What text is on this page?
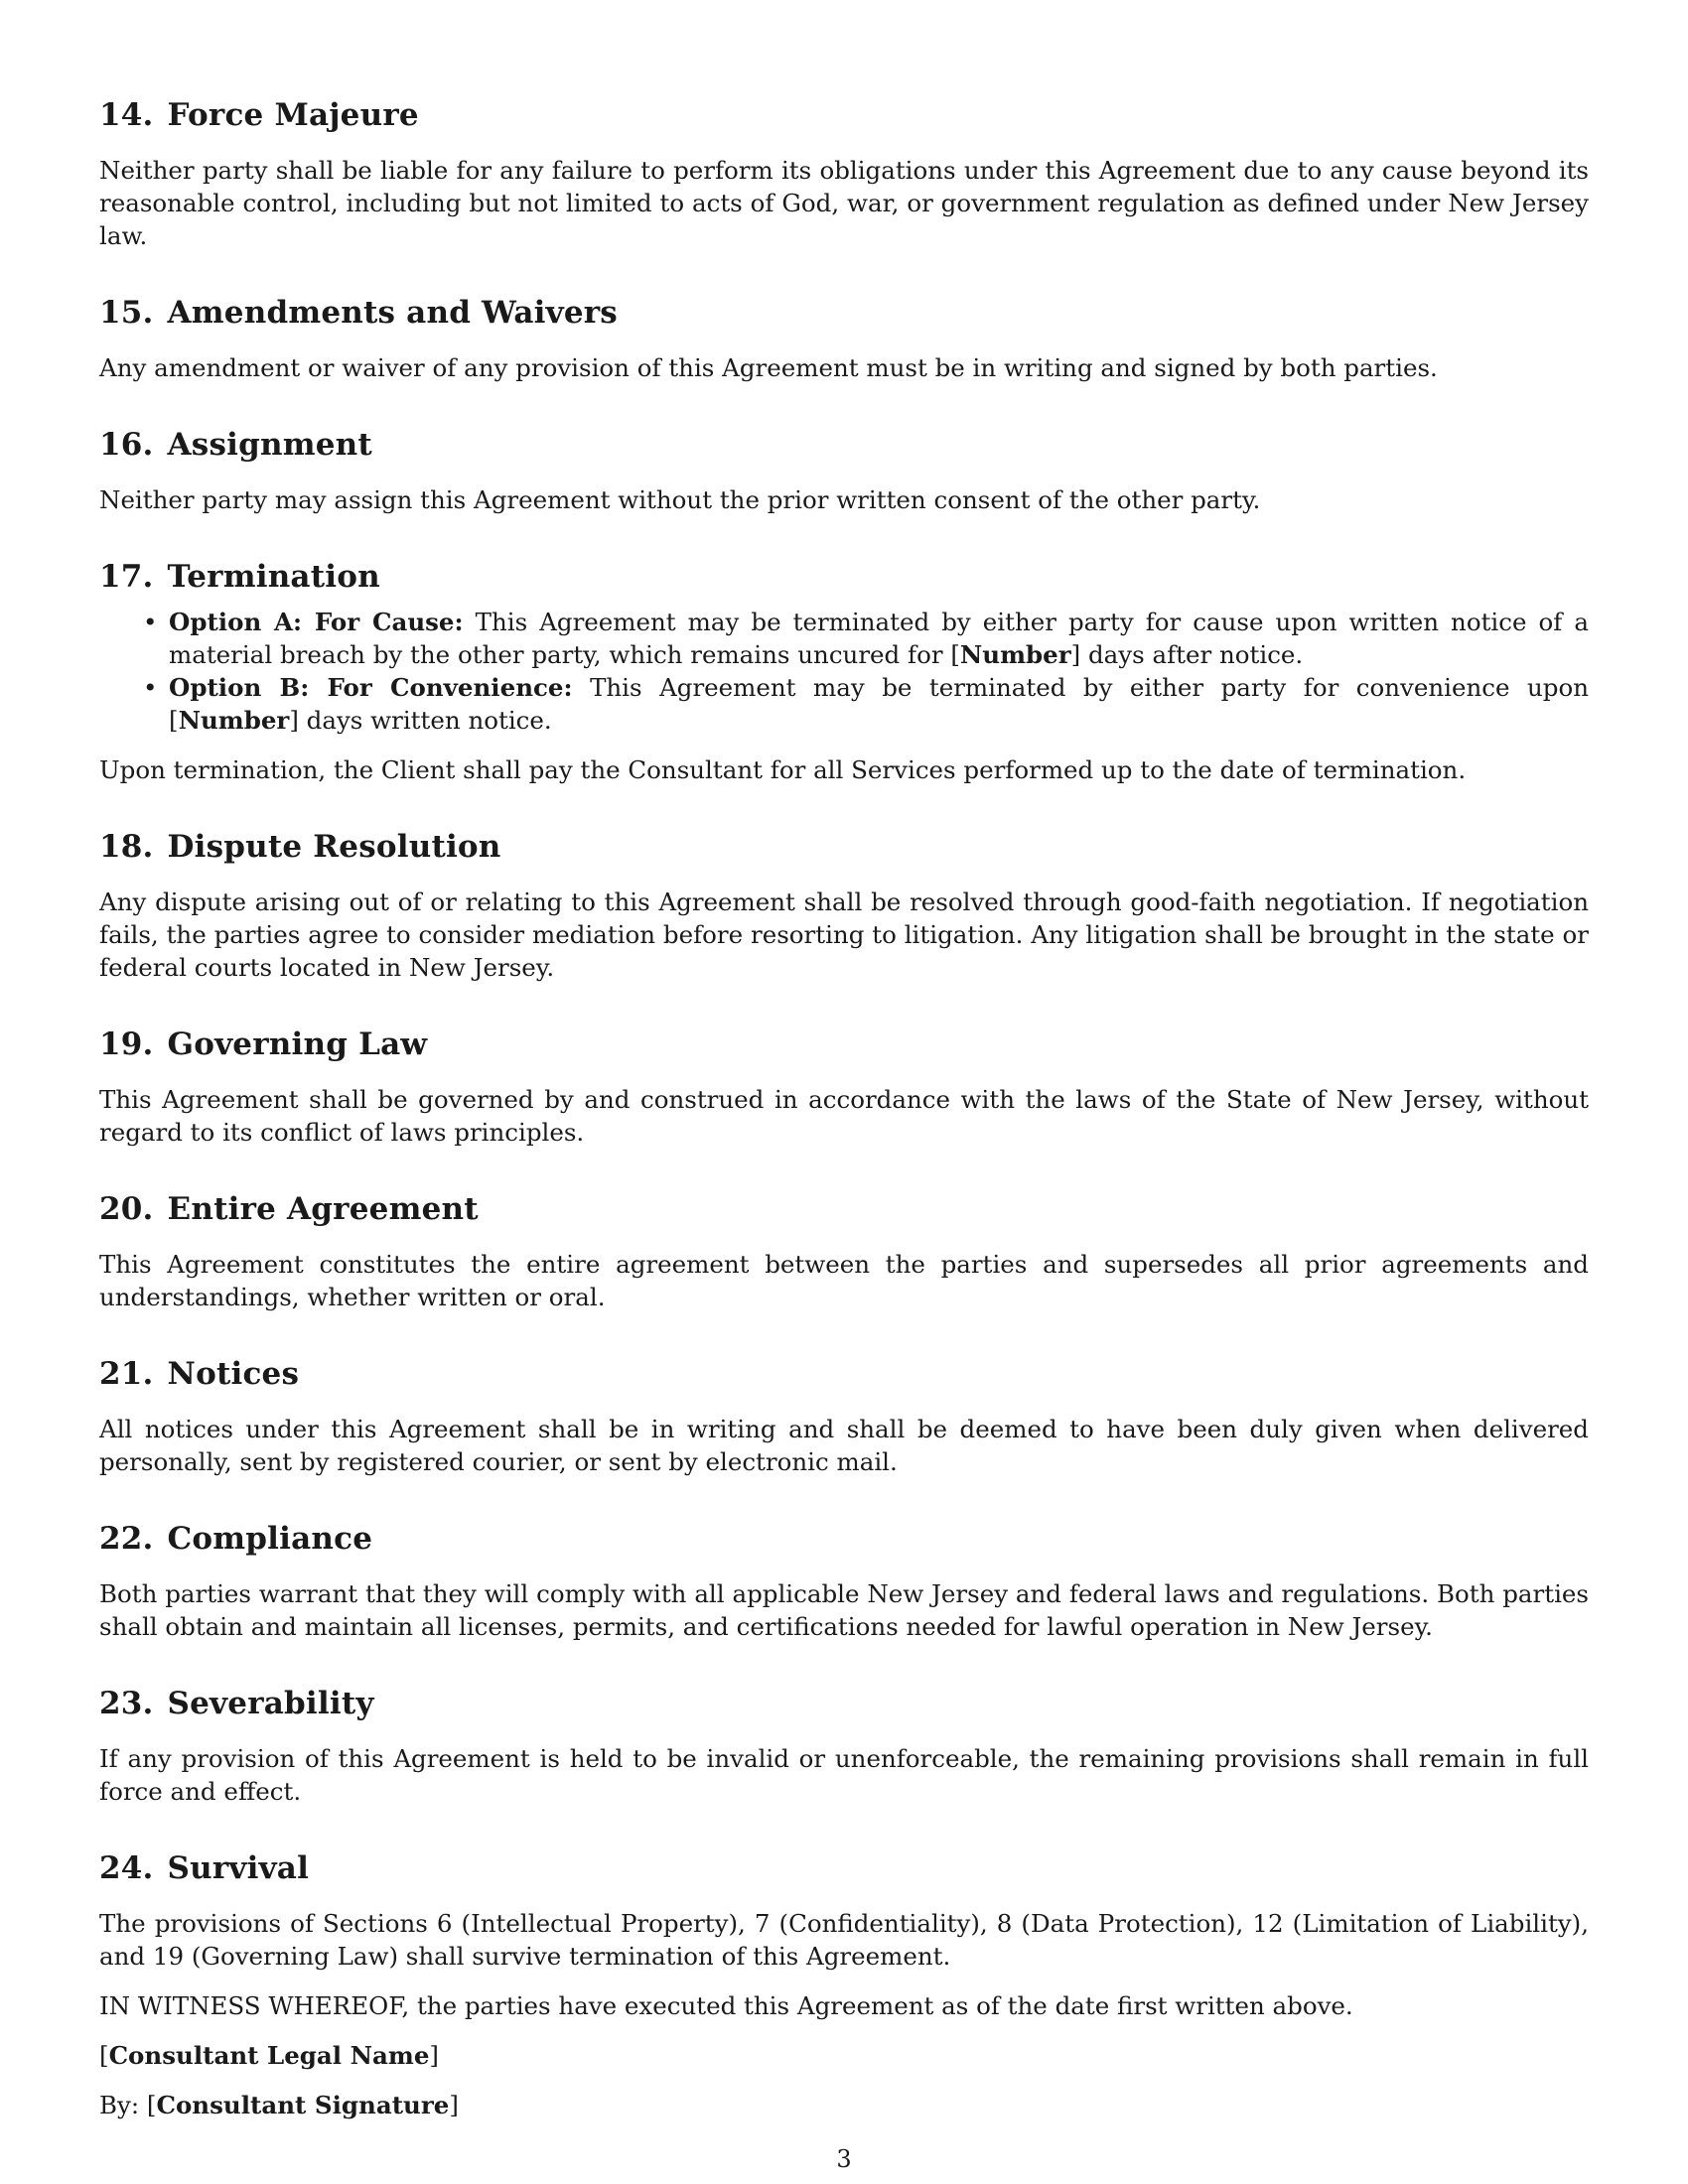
14. Force Majeure

Neither party shall be liable for any failure to perform its obligations under this Agreement due to any cause beyond its reasonable control, including but not limited to acts of God, war, or government regulation as defined under New Jersey law.

15. Amendments and Waivers

Any amendment or waiver of any provision of this Agreement must be in writing and signed by both parties.

16. Assignment

Neither party may assign this Agreement without the prior written consent of the other party.

17. Termination
• Option A: For Cause: This Agreement may be terminated by either party for cause upon written notice of a material breach by the other party, which remains uncured for [Number] days after notice.
• Option B: For Convenience: This Agreement may be terminated by either party for convenience upon [Number] days written notice.

Upon termination, the Client shall pay the Consultant for all Services performed up to the date of termination.

18. Dispute Resolution

Any dispute arising out of or relating to this Agreement shall be resolved through good-faith negotiation. If negotiation fails, the parties agree to consider mediation before resorting to litigation. Any litigation shall be brought in the state or federal courts located in New Jersey.

19. Governing Law

This Agreement shall be governed by and construed in accordance with the laws of the State of New Jersey, without regard to its conflict of laws principles.

20. Entire Agreement

This Agreement constitutes the entire agreement between the parties and supersedes all prior agreements and understandings, whether written or oral.

21. Notices

All notices under this Agreement shall be in writing and shall be deemed to have been duly given when delivered personally, sent by registered courier, or sent by electronic mail.

22. Compliance

Both parties warrant that they will comply with all applicable New Jersey and federal laws and regulations. Both parties shall obtain and maintain all licenses, permits, and certifications needed for lawful operation in New Jersey.

23. Severability

If any provision of this Agreement is held to be invalid or unenforceable, the remaining provisions shall remain in full force and effect.

24. Survival

The provisions of Sections 6 (Intellectual Property), 7 (Confidentiality), 8 (Data Protection), 12 (Limitation of Liability), and 19 (Governing Law) shall survive termination of this Agreement.

IN WITNESS WHEREOF, the parties have executed this Agreement as of the date first written above.

[Consultant Legal Name]

By: [Consultant Signature]

3
